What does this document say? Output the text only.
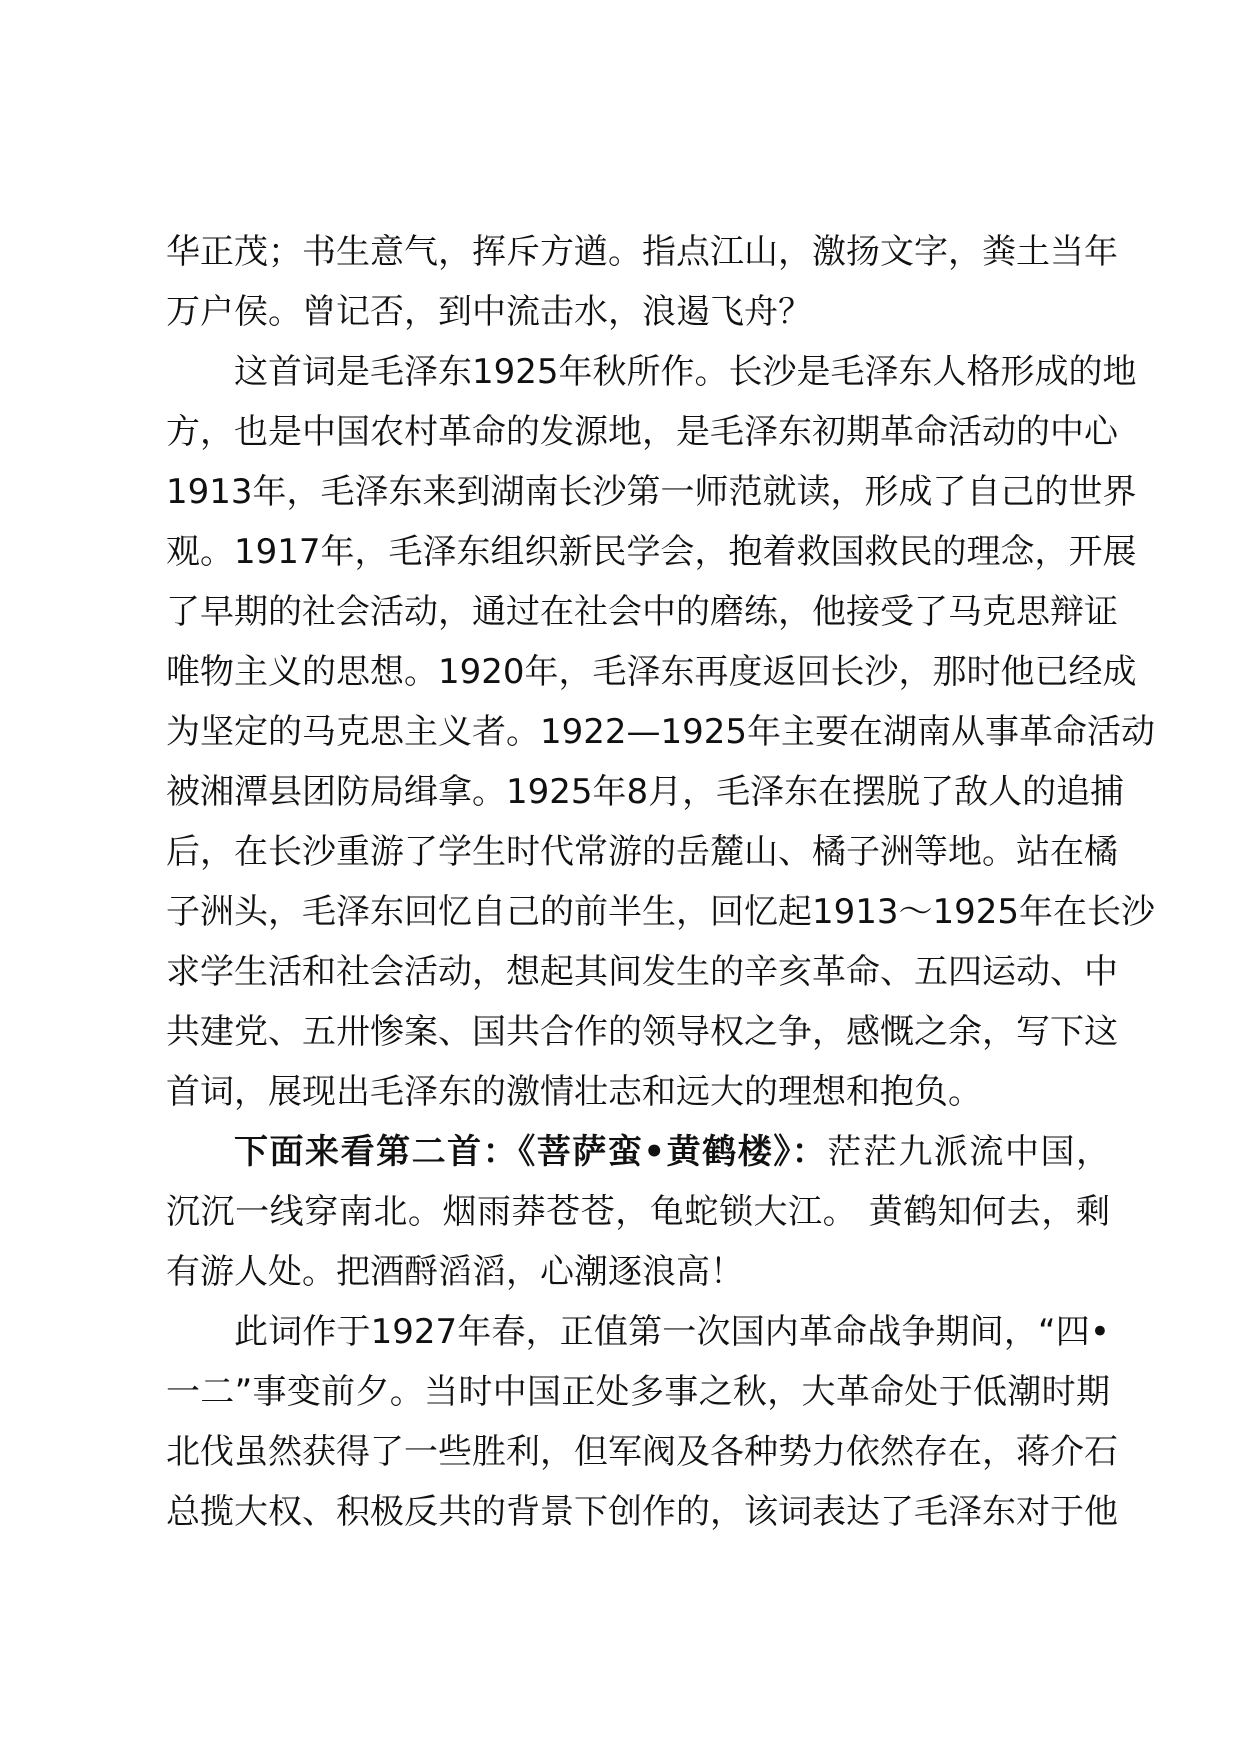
华正茂；书生意气，挥斥方遒。指点江山，激扬文字，粪土当年
万户侯。曾记否，到中流击水，浪遏飞舟？
这首词是毛泽东1925年秋所作。长沙是毛泽东人格形成的地
方，也是中国农村革命的发源地，是毛泽东初期革命活动的中心
1913年，毛泽东来到湖南长沙第一师范就读，形成了自己的世界
观。1917年，毛泽东组织新民学会，抱着救国救民的理念，开展
了早期的社会活动，通过在社会中的磨练，他接受了马克思辩证
唯物主义的思想。1920年，毛泽东再度返回长沙，那时他已经成
为坚定的马克思主义者。1922—1925年主要在湖南从事革命活动
被湘潭县团防局缉拿。1925年8月，毛泽东在摆脱了敌人的追捕
后，在长沙重游了学生时代常游的岳麓山、橘子洲等地。站在橘
子洲头，毛泽东回忆自己的前半生，回忆起1913～1925年在长沙
求学生活和社会活动，想起其间发生的辛亥革命、五四运动、中
共建党、五卅惨案、国共合作的领导权之争，感慨之余，写下这
首词，展现出毛泽东的激情壮志和远大的理想和抱负。
下面来看第二首：《菩萨蛮•黄鹤楼》：茫茫九派流中国，
沉沉一线穿南北。烟雨莽苍苍，龟蛇锁大江。 黄鹤知何去，剩
有游人处。把酒酹滔滔，心潮逐浪高！
此词作于1927年春，正值第一次国内革命战争期间，“四•
一二”事变前夕。当时中国正处多事之秋，大革命处于低潮时期
北伐虽然获得了一些胜利，但军阀及各种势力依然存在，蒋介石
总揽大权、积极反共的背景下创作的，该词表达了毛泽东对于他
